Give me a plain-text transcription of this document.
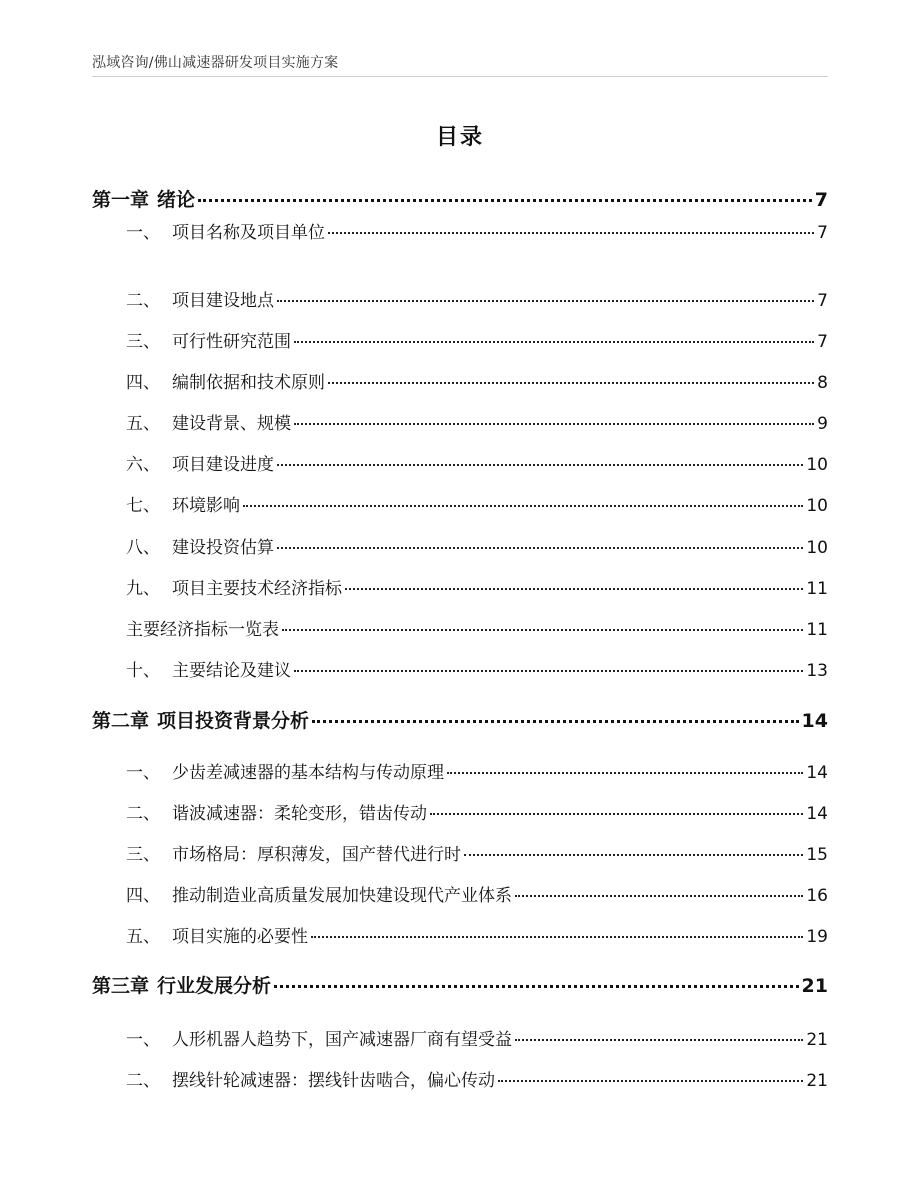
泓域咨询/佛山减速器研发项目实施方案
目录
第一章 绪论	7
一、 项目名称及项目单位	7
二、 项目建设地点	7
三、 可行性研究范围	7
四、 编制依据和技术原则	8
五、 建设背景、规模	9
六、 项目建设进度	10
七、 环境影响	10
八、 建设投资估算	10
九、 项目主要技术经济指标	11
主要经济指标一览表	11
十、 主要结论及建议	13
第二章 项目投资背景分析	14
一、 少齿差减速器的基本结构与传动原理	14
二、 谐波减速器：柔轮变形，错齿传动	14
三、 市场格局：厚积薄发，国产替代进行时	15
四、 推动制造业高质量发展加快建设现代产业体系	16
五、 项目实施的必要性	19
第三章 行业发展分析	21
一、 人形机器人趋势下，国产减速器厂商有望受益	21
二、 摆线针轮减速器：摆线针齿啮合，偏心传动	21
